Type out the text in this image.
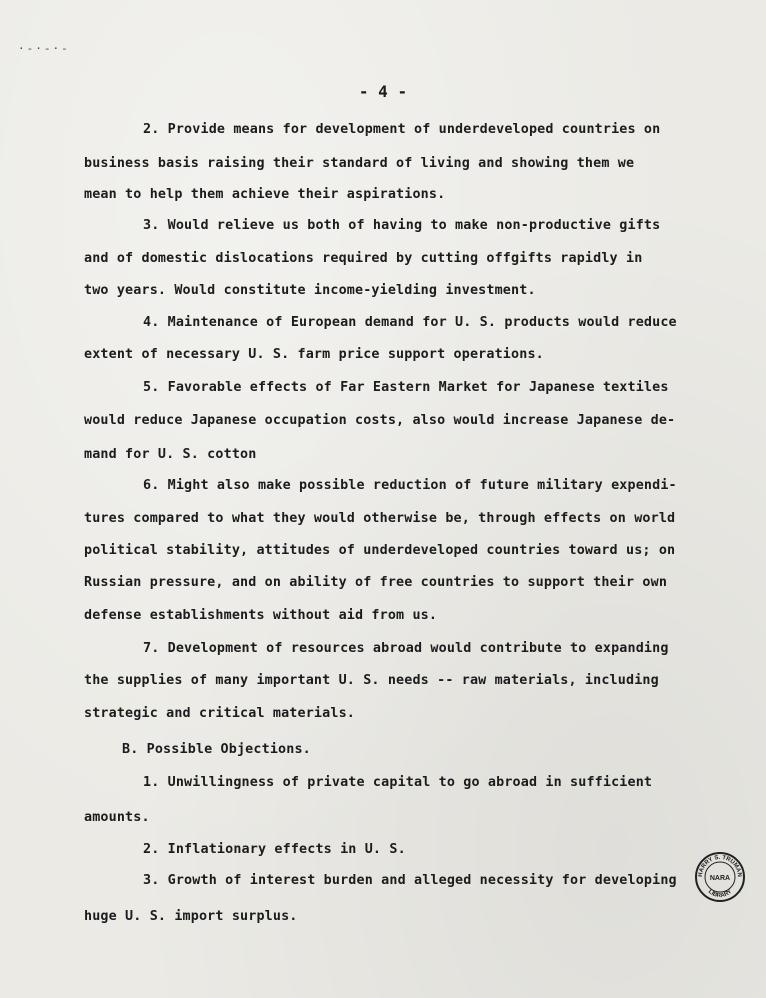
·-·-·-
- 4 -
2. Provide means for development of underdeveloped countries on
business basis raising their standard of living and showing them we
mean to help them achieve their aspirations.
3. Would relieve us both of having to make non-productive gifts
and of domestic dislocations required by cutting offgifts rapidly in
two years. Would constitute income-yielding investment.
4. Maintenance of European demand for U. S. products would reduce
extent of necessary U. S. farm price support operations.
5. Favorable effects of Far Eastern Market for Japanese textiles
would reduce Japanese occupation costs, also would increase Japanese de-
mand for U. S. cotton
6. Might also make possible reduction of future military expendi-
tures compared to what they would otherwise be, through effects on world
political stability, attitudes of underdeveloped countries toward us; on
Russian pressure, and on ability of free countries to support their own
defense establishments without aid from us.
7. Development of resources abroad would contribute to expanding
the supplies of many important U. S. needs -- raw materials, including
strategic and critical materials.
B. Possible Objections.
1. Unwillingness of private capital to go abroad in sufficient
amounts.
2. Inflationary effects in U. S.
3. Growth of interest burden and alleged necessity for developing
huge U. S. import surplus.
HARRY S. TRUMAN
LIBRARY
NARA
